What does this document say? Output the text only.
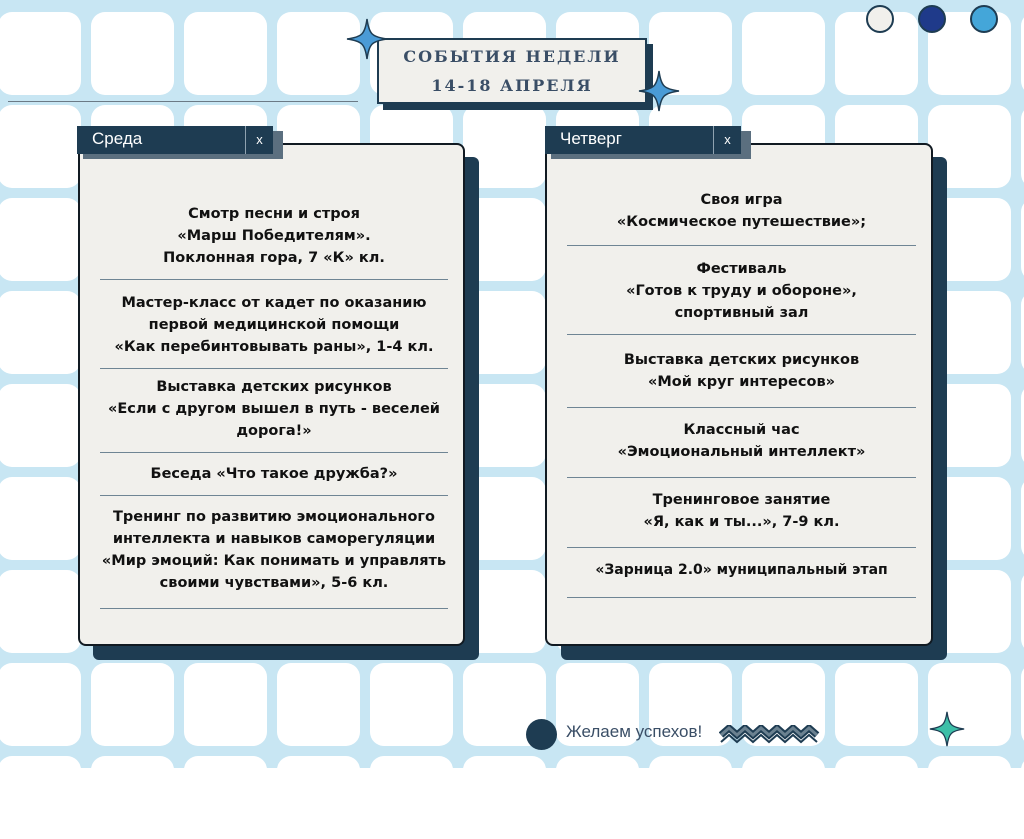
СОБЫТИЯ НЕДЕЛИ
14-18 АПРЕЛЯ
Смотр песни и строя
«Марш Победителям».
Поклонная гора, 7 «К» кл.
Мастер-класс от кадет по оказанию
первой медицинской помощи
«Как перебинтовывать раны», 1-4 кл.
Выставка детских рисунков
«Если с другом вышел в путь - веселей
дорога!»
Беседа «Что такое дружба?»
Тренинг по развитию эмоционального
интеллекта и навыков саморегуляции
«Мир эмоций: Как понимать и управлять
своими чувствами», 5-6 кл.
Среда	x
Своя игра
«Космическое путешествие»;
Фестиваль
«Готов к труду и обороне»,
спортивный зал
Выставка детских рисунков
«Мой круг интересов»
Классный час
«Эмоциональный интеллект»
Тренинговое занятие
«Я, как и ты...», 7-9 кл.
«Зарница 2.0» муниципальный этап
Четверг	x
Желаем успехов!
